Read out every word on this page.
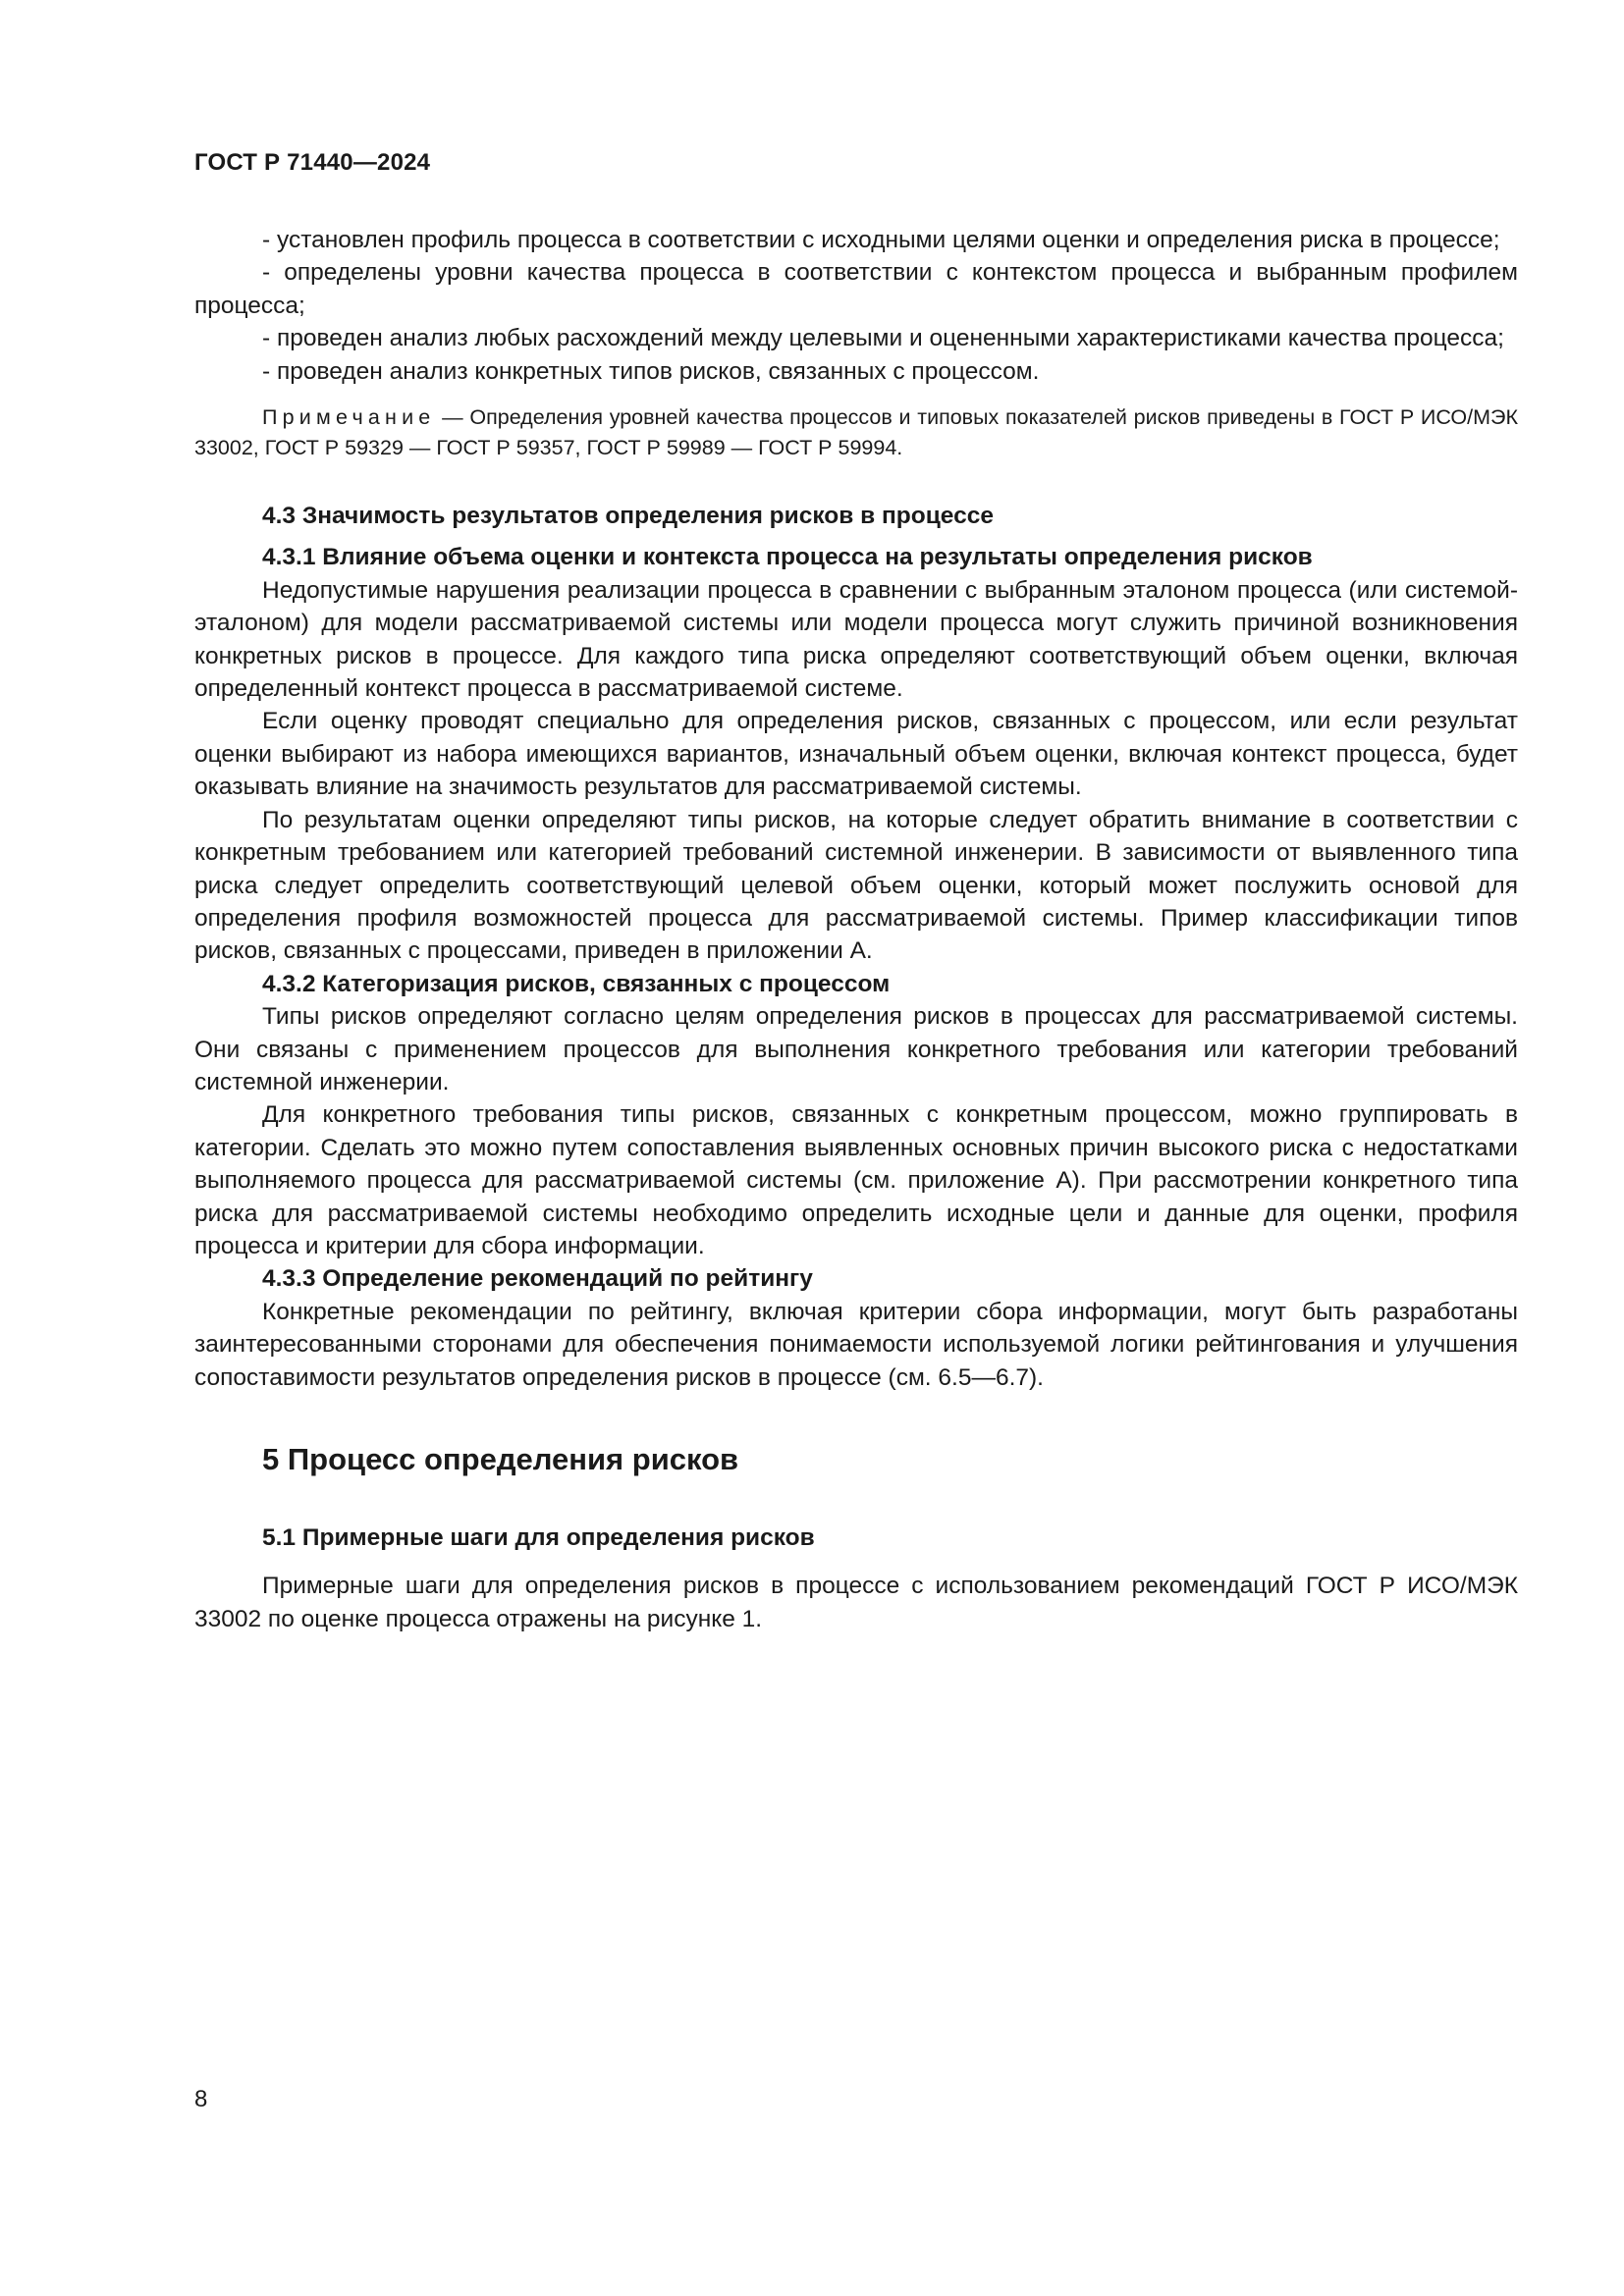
ГОСТ Р 71440—2024

- установлен профиль процесса в соответствии с исходными целями оценки и определения риска в процессе;

- определены уровни качества процесса в соответствии с контекстом процесса и выбранным профилем процесса;

- проведен анализ любых расхождений между целевыми и оцененными характеристиками качества процесса;

- проведен анализ конкретных типов рисков, связанных с процессом.

Примечание — Определения уровней качества процессов и типовых показателей рисков приведены в ГОСТ Р ИСО/МЭК 33002, ГОСТ Р 59329 — ГОСТ Р 59357, ГОСТ Р 59989 — ГОСТ Р 59994.

4.3 Значимость результатов определения рисков в процессе

4.3.1 Влияние объема оценки и контекста процесса на результаты определения рисков

Недопустимые нарушения реализации процесса в сравнении с выбранным эталоном процесса (или системой-эталоном) для модели рассматриваемой системы или модели процесса могут служить причиной возникновения конкретных рисков в процессе. Для каждого типа риска определяют соответствующий объем оценки, включая определенный контекст процесса в рассматриваемой системе.

Если оценку проводят специально для определения рисков, связанных с процессом, или если результат оценки выбирают из набора имеющихся вариантов, изначальный объем оценки, включая контекст процесса, будет оказывать влияние на значимость результатов для рассматриваемой системы.

По результатам оценки определяют типы рисков, на которые следует обратить внимание в соответствии с конкретным требованием или категорией требований системной инженерии. В зависимости от выявленного типа риска следует определить соответствующий целевой объем оценки, который может послужить основой для определения профиля возможностей процесса для рассматриваемой системы. Пример классификации типов рисков, связанных с процессами, приведен в приложении А.

4.3.2 Категоризация рисков, связанных с процессом

Типы рисков определяют согласно целям определения рисков в процессах для рассматриваемой системы. Они связаны с применением процессов для выполнения конкретного требования или категории требований системной инженерии.

Для конкретного требования типы рисков, связанных с конкретным процессом, можно группировать в категории. Сделать это можно путем сопоставления выявленных основных причин высокого риска с недостатками выполняемого процесса для рассматриваемой системы (см. приложение А). При рассмотрении конкретного типа риска для рассматриваемой системы необходимо определить исходные цели и данные для оценки, профиля процесса и критерии для сбора информации.

4.3.3 Определение рекомендаций по рейтингу

Конкретные рекомендации по рейтингу, включая критерии сбора информации, могут быть разработаны заинтересованными сторонами для обеспечения понимаемости используемой логики рейтингования и улучшения сопоставимости результатов определения рисков в процессе (см. 6.5—6.7).

5 Процесс определения рисков

5.1 Примерные шаги для определения рисков

Примерные шаги для определения рисков в процессе с использованием рекомендаций ГОСТ Р ИСО/МЭК 33002 по оценке процесса отражены на рисунке 1.

8
